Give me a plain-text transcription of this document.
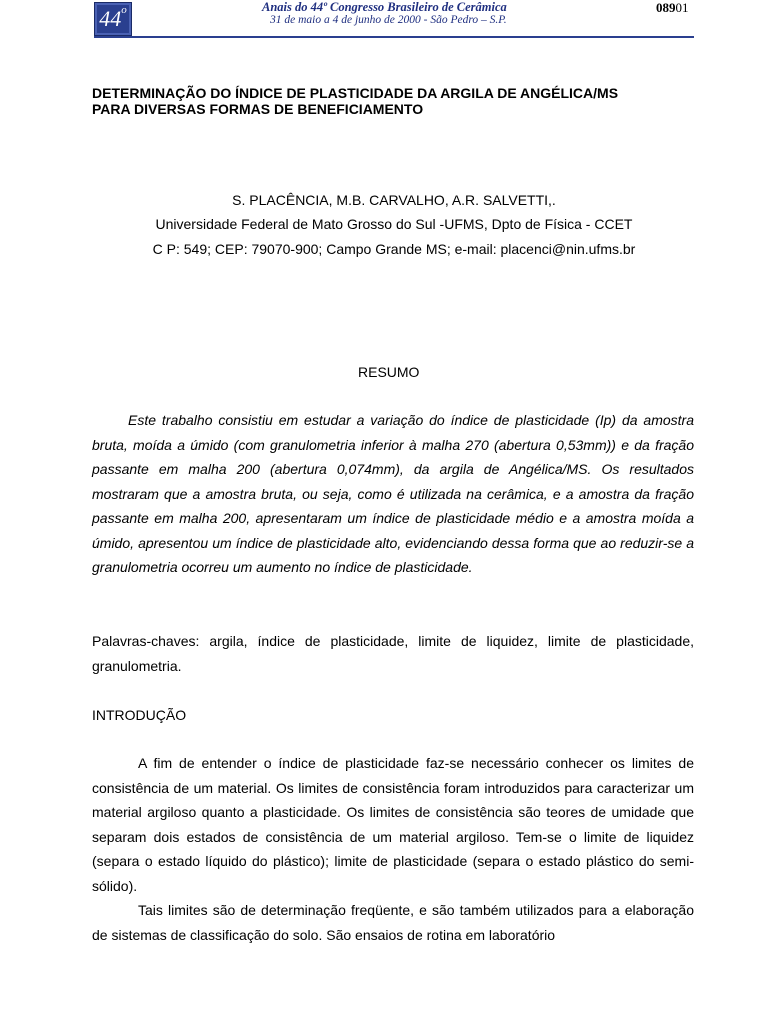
44$^o$	Anais do 44º Congresso Brasileiro de Cerâmica
31 de maio a 4 de junho de 2000 - São Pedro – S.P.
08901
DETERMINAÇÃO DO ÍNDICE DE PLASTICIDADE DA ARGILA DE ANGÉLICA/MS
PARA DIVERSAS FORMAS DE BENEFICIAMENTO
S. PLACÊNCIA, M.B. CARVALHO, A.R. SALVETTI,.
Universidade Federal de Mato Grosso do Sul -UFMS, Dpto de Física - CCET
C P: 549; CEP: 79070-900; Campo Grande MS; e-mail: placenci@nin.ufms.br
RESUMO

Este trabalho consistiu em estudar a variação do índice de plasticidade (Ip) da amostra bruta, moída a úmido (com granulometria inferior à malha 270 (abertura 0,53mm)) e da fração passante em malha 200 (abertura 0,074mm), da argila de Angélica/MS. Os resultados mostraram que a amostra bruta, ou seja, como é utilizada na cerâmica, e a amostra da fração passante em malha 200, apresentaram um índice de plasticidade médio e a amostra moída a úmido, apresentou um índice de plasticidade alto, evidenciando dessa forma que ao reduzir-se a granulometria ocorreu um aumento no índice de plasticidade.

Palavras-chaves: argila, índice de plasticidade, limite de liquidez, limite de plasticidade, granulometria.

INTRODUÇÃO

A fim de entender o índice de plasticidade faz-se necessário conhecer os limites de consistência de um material. Os limites de consistência foram introduzidos para caracterizar um material argiloso quanto a plasticidade. Os limites de consistência são teores de umidade que separam dois estados de consistência de um material argiloso. Tem-se o limite de liquidez (separa o estado líquido do plástico); limite de plasticidade (separa o estado plástico do semi-sólido).

Tais limites são de determinação freqüente, e são também utilizados para a elaboração de sistemas de classificação do solo. São ensaios de rotina em laboratório
